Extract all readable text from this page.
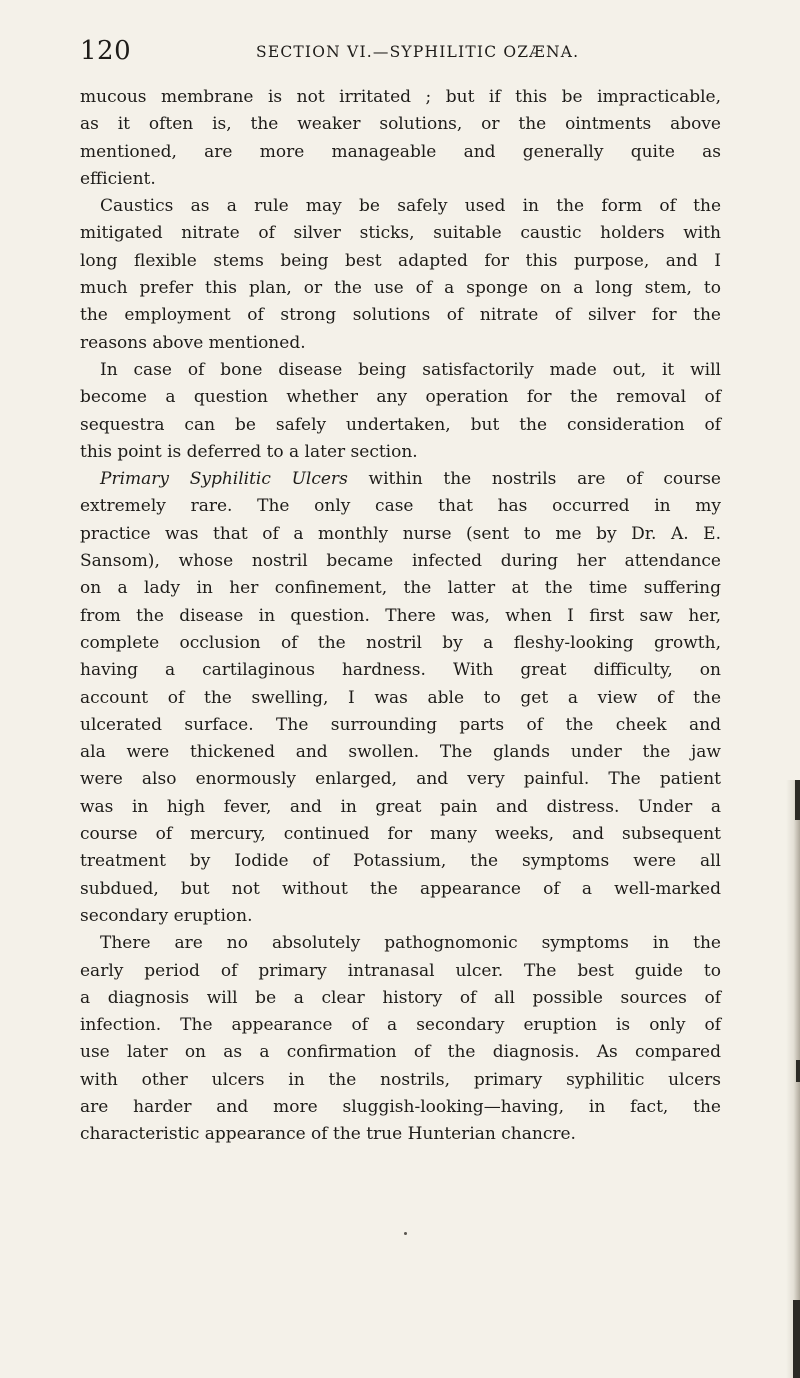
120	SECTION VI.—SYPHILITIC OZÆNA.
mucous membrane is not irritated ; but if this be impracticable,
as it often is, the weaker solutions, or the ointments above
mentioned, are more manageable and generally quite as
efficient.
Caustics as a rule may be safely used in the form of the
mitigated nitrate of silver sticks, suitable caustic holders with
long flexible stems being best adapted for this purpose, and I
much prefer this plan, or the use of a sponge on a long stem, to
the employment of strong solutions of nitrate of silver for the
reasons above mentioned.
In case of bone disease being satisfactorily made out, it will
become a question whether any operation for the removal of
sequestra can be safely undertaken, but the consideration of
this point is deferred to a later section.
Primary Syphilitic Ulcers within the nostrils are of course
extremely rare. The only case that has occurred in my
practice was that of a monthly nurse (sent to me by Dr. A. E.
Sansom), whose nostril became infected during her attendance
on a lady in her confinement, the latter at the time suffering
from the disease in question. There was, when I first saw her,
complete occlusion of the nostril by a fleshy-looking growth,
having a cartilaginous hardness. With great difficulty, on
account of the swelling, I was able to get a view of the
ulcerated surface. The surrounding parts of the cheek and
ala were thickened and swollen. The glands under the jaw
were also enormously enlarged, and very painful. The patient
was in high fever, and in great pain and distress. Under a
course of mercury, continued for many weeks, and subsequent
treatment by Iodide of Potassium, the symptoms were all
subdued, but not without the appearance of a well-marked
secondary eruption.
There are no absolutely pathognomonic symptoms in the
early period of primary intranasal ulcer. The best guide to
a diagnosis will be a clear history of all possible sources of
infection. The appearance of a secondary eruption is only of
use later on as a confirmation of the diagnosis. As compared
with other ulcers in the nostrils, primary syphilitic ulcers
are harder and more sluggish-looking—having, in fact, the
characteristic appearance of the true Hunterian chancre.
